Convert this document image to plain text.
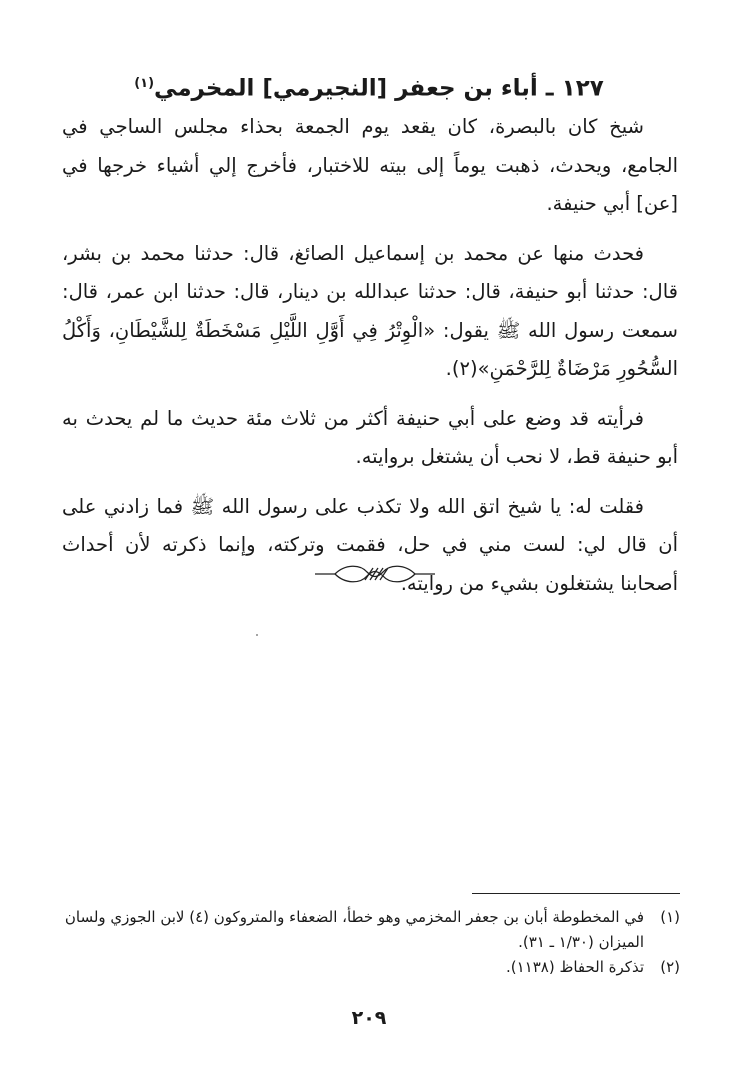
١٢٧ ـ أباء بن جعفر [النجيرمي] المخرمي$^{(١)}$

شيخ كان بالبصرة، كان يقعد يوم الجمعة بحذاء مجلس الساجي في الجامع، ويحدث، ذهبت يوماً إلى بيته للاختبار، فأخرج إلي أشياء خرجها في [عن] أبي حنيفة.

فحدث منها عن محمد بن إسماعيل الصائغ، قال: حدثنا محمد بن بشر، قال: حدثنا أبو حنيفة، قال: حدثنا عبدالله بن دينار، قال: حدثنا ابن عمر، قال: سمعت رسول الله ﷺ يقول: «الْوِتْرُ فِي أَوَّلِ اللَّيْلِ مَسْخَطَةٌ لِلشَّيْطَانِ، وَأَكْلُ السُّحُورِ مَرْضَاةٌ لِلرَّحْمَنِ»(٢).

فرأيته قد وضع على أبي حنيفة أكثر من ثلاث مئة حديث ما لم يحدث به أبو حنيفة قط، لا نحب أن يشتغل بروايته.

فقلت له: يا شيخ اتق الله ولا تكذب على رسول الله ﷺ فما زادني على أن قال لي: لست مني في حل، فقمت وتركته، وإنما ذكرته لأن أحداث أصحابنا يشتغلون بشيء من روايته.

(١)
في المخطوطة أبان بن جعفر المخزمي وهو خطأ، الضعفاء والمتروكون (٤) لابن الجوزي ولسان الميزان (١/٣٠ ـ ٣١).
(٢)
تذكرة الحفاظ (١١٣٨).
٢٠٩
